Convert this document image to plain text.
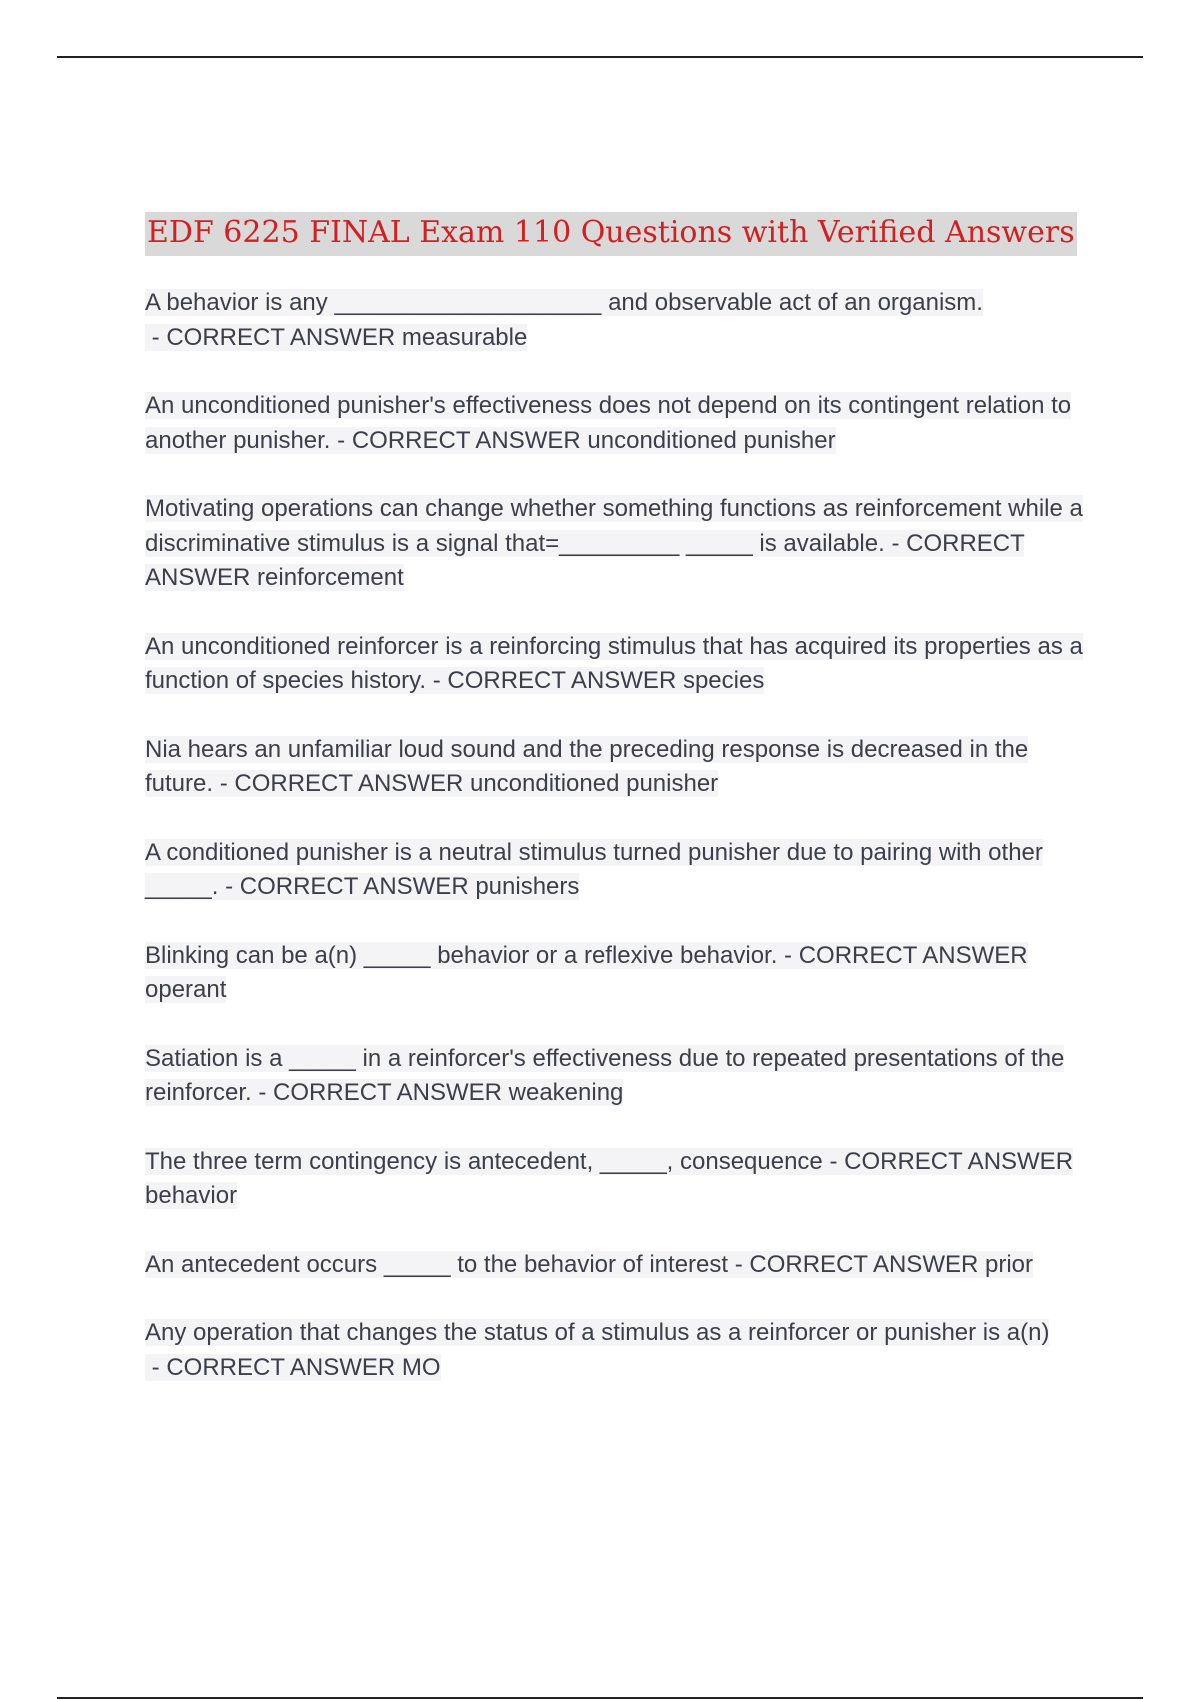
EDF 6225 FINAL Exam 110 Questions with Verified Answers

A behavior is any ____________________ and observable act of an organism. - CORRECT ANSWER measurable

An unconditioned punisher's effectiveness does not depend on its contingent relation to another punisher. - CORRECT ANSWER unconditioned punisher

Motivating operations can change whether something functions as reinforcement while a discriminative stimulus is a signal that=_________ _____ is available. - CORRECT ANSWER reinforcement

An unconditioned reinforcer is a reinforcing stimulus that has acquired its properties as a function of species history. - CORRECT ANSWER species

Nia hears an unfamiliar loud sound and the preceding response is decreased in the future. - CORRECT ANSWER unconditioned punisher

A conditioned punisher is a neutral stimulus turned punisher due to pairing with other _____. - CORRECT ANSWER punishers

Blinking can be a(n) _____ behavior or a reflexive behavior. - CORRECT ANSWER operant

Satiation is a _____ in a reinforcer's effectiveness due to repeated presentations of the reinforcer. - CORRECT ANSWER weakening

The three term contingency is antecedent, _____, consequence - CORRECT ANSWER behavior

An antecedent occurs _____ to the behavior of interest - CORRECT ANSWER prior

Any operation that changes the status of a stimulus as a reinforcer or punisher is a(n) - CORRECT ANSWER MO
